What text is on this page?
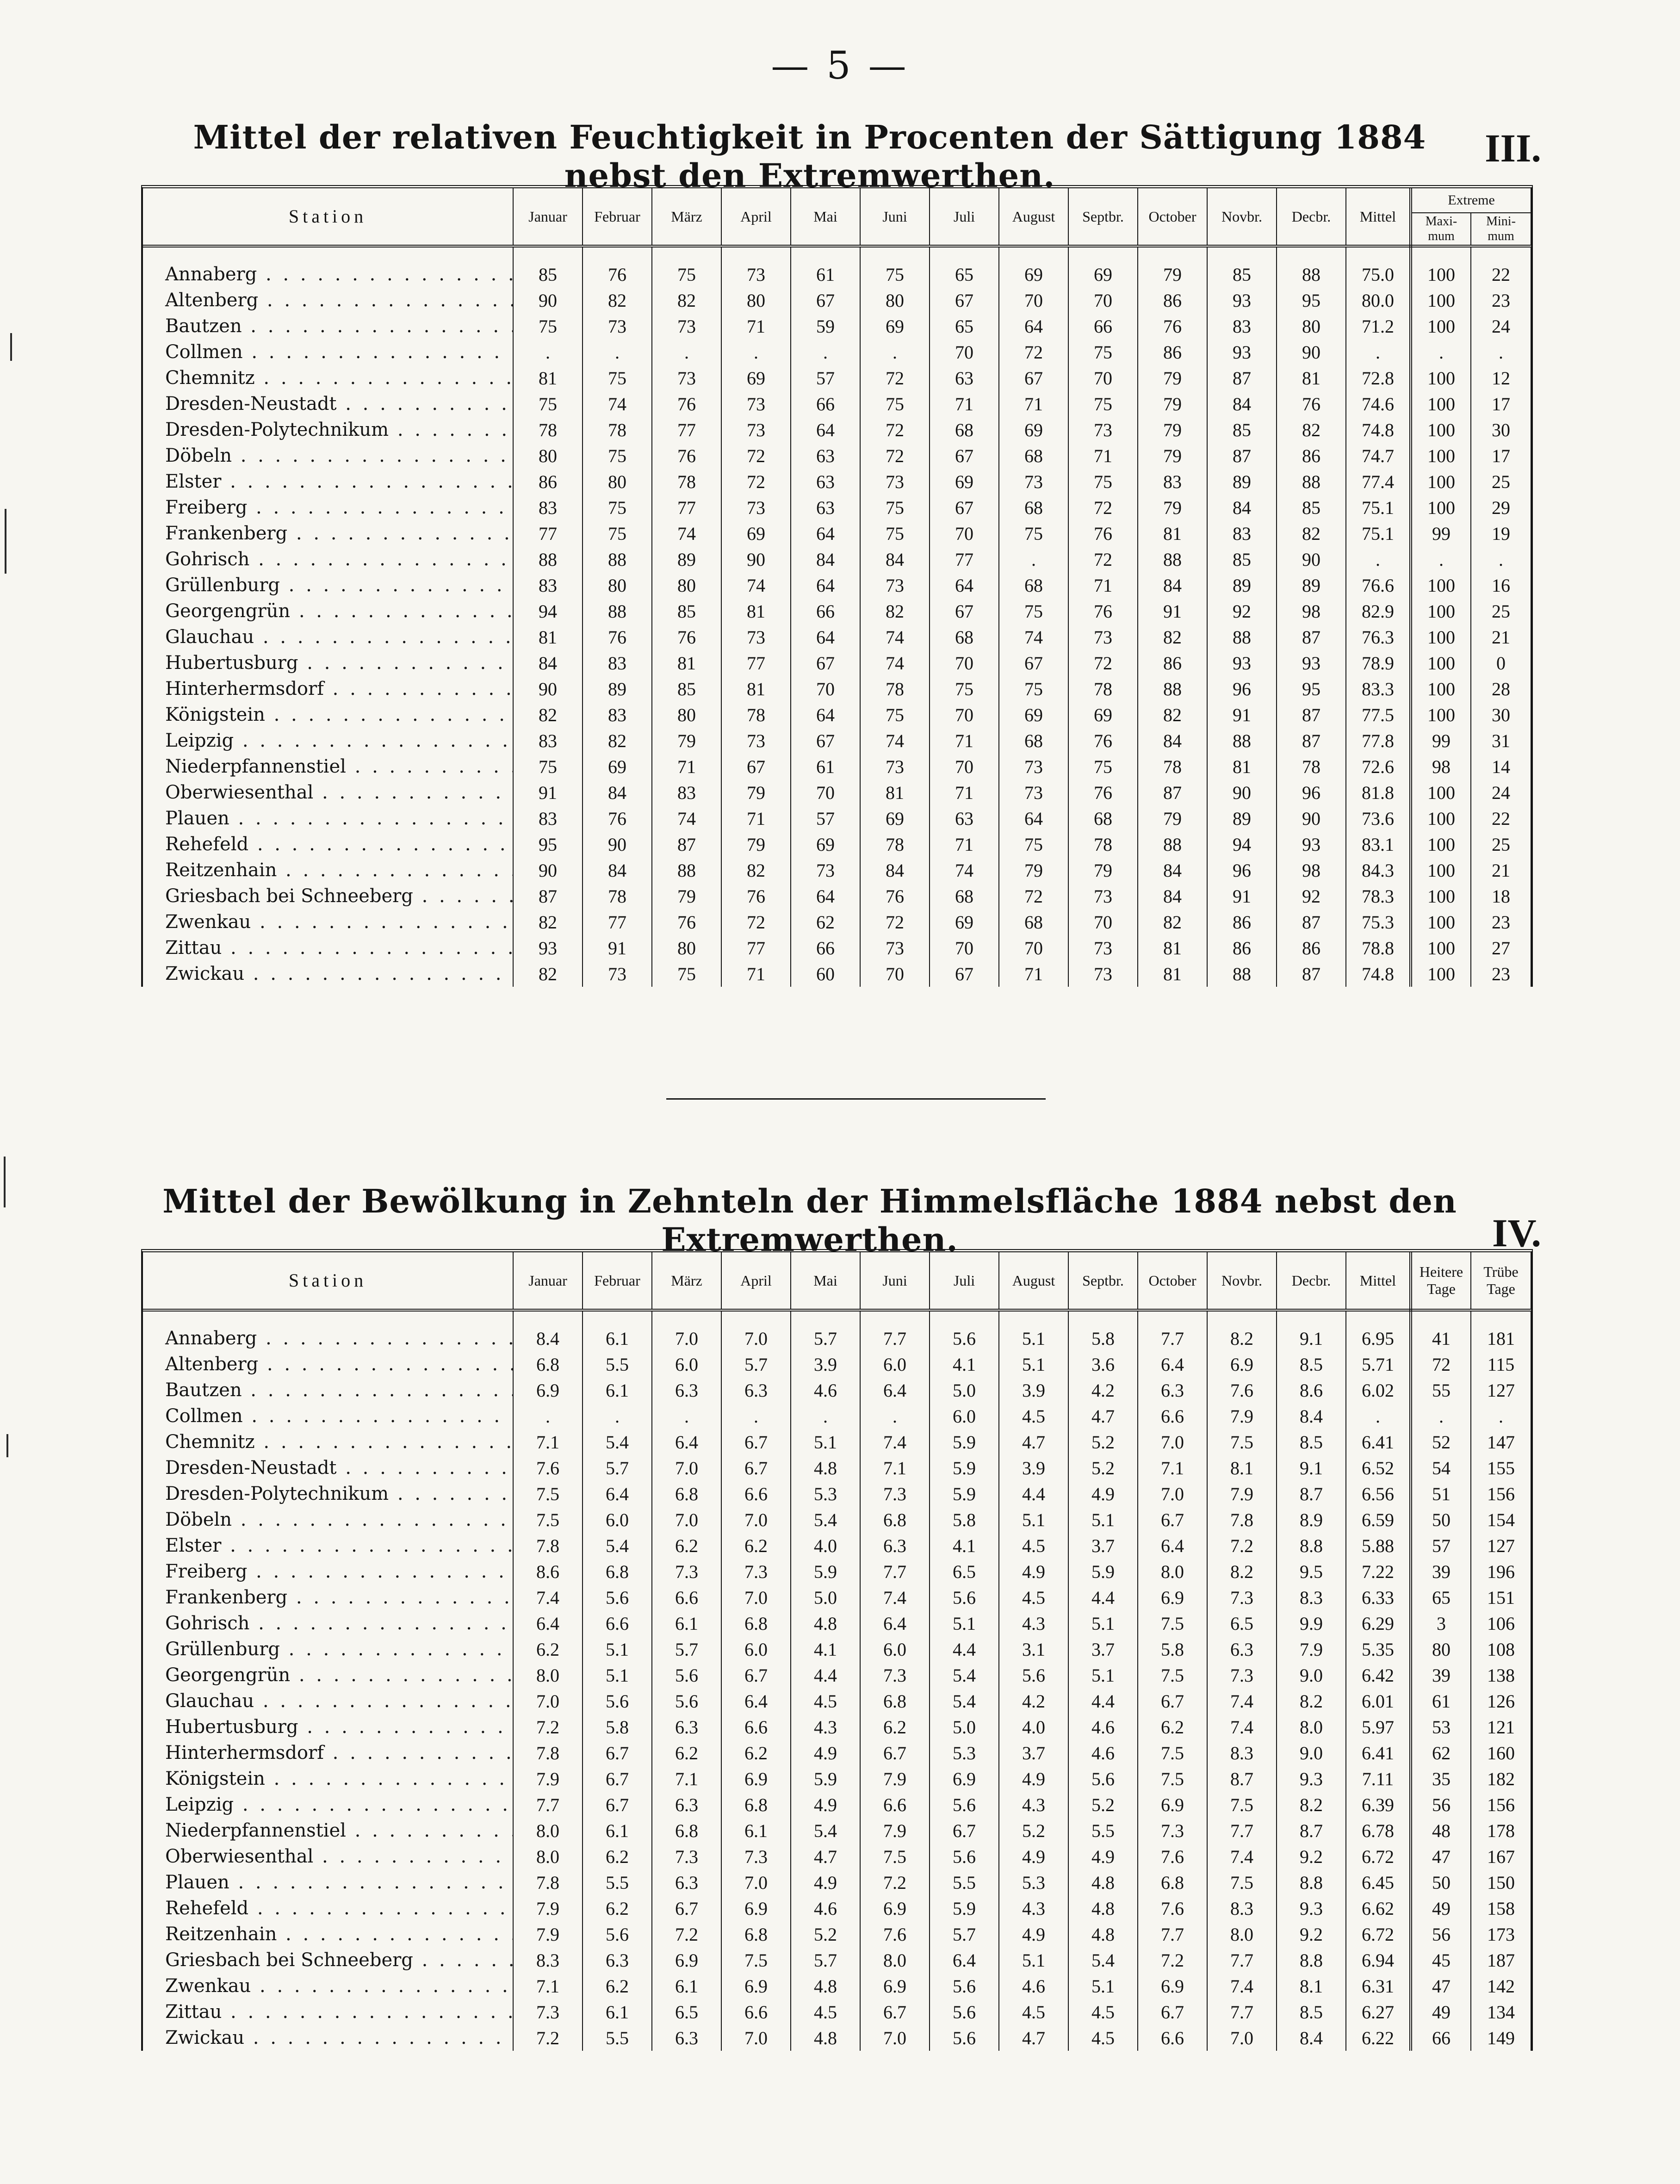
— 5 —
Mittel der relativen Feuchtigkeit in Procenten der Sättigung 1884 nebst den Extremwerthen.
III.
Station	Januar	Februar	März	April	Mai	Juni	Juli	August	Septbr.	October	Novbr.	Decbr.	Mittel	Extreme	
														Maxi- mum	Mini- mum
Annaberg . . .	85	76	75	73	61	75	65	69	69	79	85	88	75.0	100	22
Altenberg . . .	90	82	82	80	67	80	67	70	70	86	93	95	80.0	100	23
Bautzen . . .	75	73	73	71	59	69	65	64	66	76	83	80	71.2	100	24
Collmen . . .	.	.	.	.	.	.	70	72	75	86	93	90	.	.	.
Chemnitz . . .	81	75	73	69	57	72	63	67	70	79	87	81	72.8	100	12
Dresden-Neustadt . . .	75	74	76	73	66	75	71	71	75	79	84	76	74.6	100	17
Dresden-Polytechnikum . . .	78	78	77	73	64	72	68	69	73	79	85	82	74.8	100	30
Döbeln . . .	80	75	76	72	63	72	67	68	71	79	87	86	74.7	100	17
Elster . . .	86	80	78	72	63	73	69	73	75	83	89	88	77.4	100	25
Freiberg . . .	83	75	77	73	63	75	67	68	72	79	84	85	75.1	100	29
Frankenberg . . .	77	75	74	69	64	75	70	75	76	81	83	82	75.1	99	19
Gohrisch . . .	88	88	89	90	84	84	77	.	72	88	85	90	.	.	.
Grüllenburg . . .	83	80	80	74	64	73	64	68	71	84	89	89	76.6	100	16
Georgengrün . . .	94	88	85	81	66	82	67	75	76	91	92	98	82.9	100	25
Glauchau . . .	81	76	76	73	64	74	68	74	73	82	88	87	76.3	100	21
Hubertusburg . . .	84	83	81	77	67	74	70	67	72	86	93	93	78.9	100	0
Hinterhermsdorf . . .	90	89	85	81	70	78	75	75	78	88	96	95	83.3	100	28
Königstein . . .	82	83	80	78	64	75	70	69	69	82	91	87	77.5	100	30
Leipzig . . .	83	82	79	73	67	74	71	68	76	84	88	87	77.8	99	31
Niederpfannenstiel . . .	75	69	71	67	61	73	70	73	75	78	81	78	72.6	98	14
Oberwiesenthal . . .	91	84	83	79	70	81	71	73	76	87	90	96	81.8	100	24
Plauen . . .	83	76	74	71	57	69	63	64	68	79	89	90	73.6	100	22
Rehefeld . . .	95	90	87	79	69	78	71	75	78	88	94	93	83.1	100	25
Reitzenhain . . .	90	84	88	82	73	84	74	79	79	84	96	98	84.3	100	21
Griesbach bei Schneeberg . . .	87	78	79	76	64	76	68	72	73	84	91	92	78.3	100	18
Zwenkau . . .	82	77	76	72	62	72	69	68	70	82	86	87	75.3	100	23
Zittau . . .	93	91	80	77	66	73	70	70	73	81	86	86	78.8	100	27
Zwickau . . .	82	73	75	71	60	70	67	71	73	81	88	87	74.8	100	23
Mittel der Bewölkung in Zehnteln der Himmelsfläche 1884 nebst den Extremwerthen.	IV.
Station	Januar	Februar	März	April	Mai	Juni	Juli	August	Septbr.	October	Novbr.	Decbr.	Mittel	Heitere Tage	Trübe Tage
Annaberg . . .	8.4	6.1	7.0	7.0	5.7	7.7	5.6	5.1	5.8	7.7	8.2	9.1	6.95	41	181
Altenberg . . .	6.8	5.5	6.0	5.7	3.9	6.0	4.1	5.1	3.6	6.4	6.9	8.5	5.71	72	115
Bautzen . . .	6.9	6.1	6.3	6.3	4.6	6.4	5.0	3.9	4.2	6.3	7.6	8.6	6.02	55	127
Collmen . . .	.	.	.	.	.	.	6.0	4.5	4.7	6.6	7.9	8.4	.	.	.
Chemnitz . . .	7.1	5.4	6.4	6.7	5.1	7.4	5.9	4.7	5.2	7.0	7.5	8.5	6.41	52	147
Dresden-Neustadt . . .	7.6	5.7	7.0	6.7	4.8	7.1	5.9	3.9	5.2	7.1	8.1	9.1	6.52	54	155
Dresden-Polytechnikum . . .	7.5	6.4	6.8	6.6	5.3	7.3	5.9	4.4	4.9	7.0	7.9	8.7	6.56	51	156
Döbeln . . .	7.5	6.0	7.0	7.0	5.4	6.8	5.8	5.1	5.1	6.7	7.8	8.9	6.59	50	154
Elster . . .	7.8	5.4	6.2	6.2	4.0	6.3	4.1	4.5	3.7	6.4	7.2	8.8	5.88	57	127
Freiberg . . .	8.6	6.8	7.3	7.3	5.9	7.7	6.5	4.9	5.9	8.0	8.2	9.5	7.22	39	196
Frankenberg . . .	7.4	5.6	6.6	7.0	5.0	7.4	5.6	4.5	4.4	6.9	7.3	8.3	6.33	65	151
Gohrisch . . .	6.4	6.6	6.1	6.8	4.8	6.4	5.1	4.3	5.1	7.5	6.5	9.9	6.29	3	106
Grüllenburg . . .	6.2	5.1	5.7	6.0	4.1	6.0	4.4	3.1	3.7	5.8	6.3	7.9	5.35	80	108
Georgengrün . . .	8.0	5.1	5.6	6.7	4.4	7.3	5.4	5.6	5.1	7.5	7.3	9.0	6.42	39	138
Glauchau . . .	7.0	5.6	5.6	6.4	4.5	6.8	5.4	4.2	4.4	6.7	7.4	8.2	6.01	61	126
Hubertusburg . . .	7.2	5.8	6.3	6.6	4.3	6.2	5.0	4.0	4.6	6.2	7.4	8.0	5.97	53	121
Hinterhermsdorf . . .	7.8	6.7	6.2	6.2	4.9	6.7	5.3	3.7	4.6	7.5	8.3	9.0	6.41	62	160
Königstein . . .	7.9	6.7	7.1	6.9	5.9	7.9	6.9	4.9	5.6	7.5	8.7	9.3	7.11	35	182
Leipzig . . .	7.7	6.7	6.3	6.8	4.9	6.6	5.6	4.3	5.2	6.9	7.5	8.2	6.39	56	156
Niederpfannenstiel . . .	8.0	6.1	6.8	6.1	5.4	7.9	6.7	5.2	5.5	7.3	7.7	8.7	6.78	48	178
Oberwiesenthal . . .	8.0	6.2	7.3	7.3	4.7	7.5	5.6	4.9	4.9	7.6	7.4	9.2	6.72	47	167
Plauen . . .	7.8	5.5	6.3	7.0	4.9	7.2	5.5	5.3	4.8	6.8	7.5	8.8	6.45	50	150
Rehefeld . . .	7.9	6.2	6.7	6.9	4.6	6.9	5.9	4.3	4.8	7.6	8.3	9.3	6.62	49	158
Reitzenhain . . .	7.9	5.6	7.2	6.8	5.2	7.6	5.7	4.9	4.8	7.7	8.0	9.2	6.72	56	173
Griesbach bei Schneeberg . . .	8.3	6.3	6.9	7.5	5.7	8.0	6.4	5.1	5.4	7.2	7.7	8.8	6.94	45	187
Zwenkau . . .	7.1	6.2	6.1	6.9	4.8	6.9	5.6	4.6	5.1	6.9	7.4	8.1	6.31	47	142
Zittau . . .	7.3	6.1	6.5	6.6	4.5	6.7	5.6	4.5	4.5	6.7	7.7	8.5	6.27	49	134
Zwickau . . .	7.2	5.5	6.3	7.0	4.8	7.0	5.6	4.7	4.5	6.6	7.0	8.4	6.22	66	149
